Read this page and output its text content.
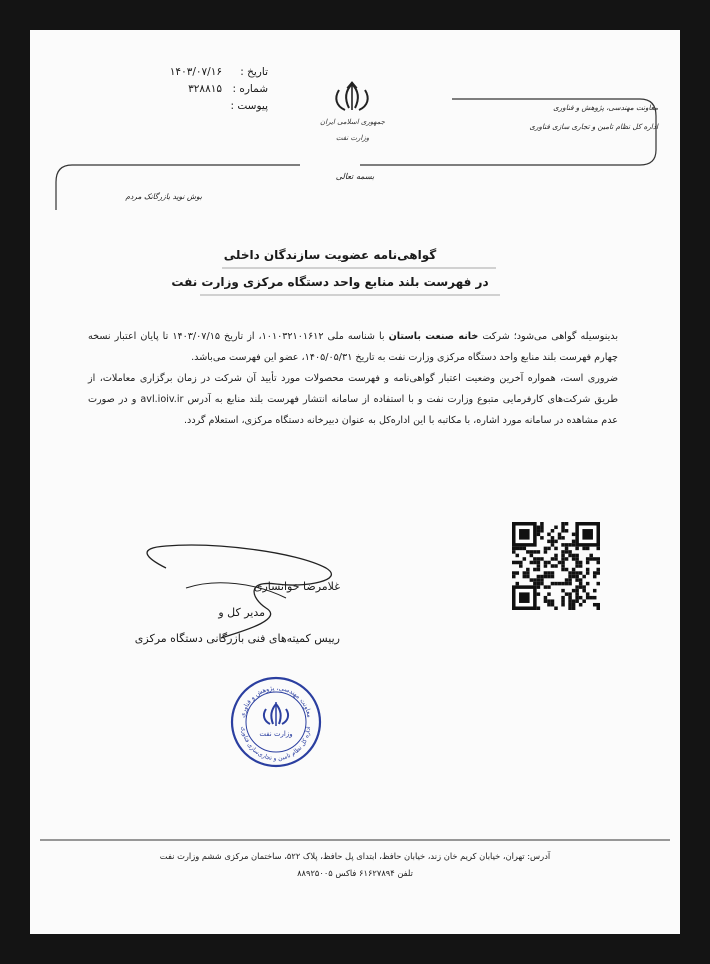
تاریخ :
۱۴۰۳/۰۷/۱۶
شماره :
۳۲۸۸۱۵
پیوست :
جمهوری اسلامی ایران
وزارت نفت
معاونت مهندسی، پژوهش و فناوری
اداره کل نظام تامین و تجاری سازی فناوری
بسمه تعالی
بوش نوید بازرگانک مردم
گواهی‌نامه عضویت سازندگان داخلی
در فهرست بلند منابع واحد دستگاه مرکزی وزارت نفت

بدینوسیله گواهی می‌شود؛ شرکت خانه صنعت باستان با شناسه ملی ۱۰۱۰۳۲۱۰۱۶۱۲، از تاریخ ۱۴۰۳/۰۷/۱۵ تا پایان اعتبار نسخه چهارم فهرست بلند منابع واحد دستگاه مرکزی وزارت نفت به تاریخ ۱۴۰۵/۰۵/۳۱، عضو این فهرست می‌باشد.

ضروری است، همواره آخرین وضعیت اعتبار گواهی‌نامه و فهرست محصولات مورد تأیید آن شرکت در زمان برگزاری معاملات، از طریق شرکت‌های کارفرمایی متبوع وزارت نفت و با استفاده از سامانه انتشار فهرست بلند منابع به آدرس avl.ioiv.ir و در صورت عدم مشاهده در سامانه مورد اشاره، با مکاتبه با این اداره‌کل به عنوان دبیرخانه دستگاه مرکزی، استعلام گردد.

غلامرضا خوانساری
مدیر کل و
رییس کمیته‌های فنی بازرگانی دستگاه مرکزی
معاونت مهندسی، پژوهش و فناوری
اداره کل نظام تامین و تجاری‌سازی فناوری
وزارت نفت
آدرس: تهران، خیابان کریم خان زند، خیابان حافظ، ابتدای پل حافظ، پلاک ۵۲۲، ساختمان مرکزی ششم وزارت نفت
تلفن ۶۱۶۲۷۸۹۴ فاکس ۸۸۹۲۵۰۰۵
